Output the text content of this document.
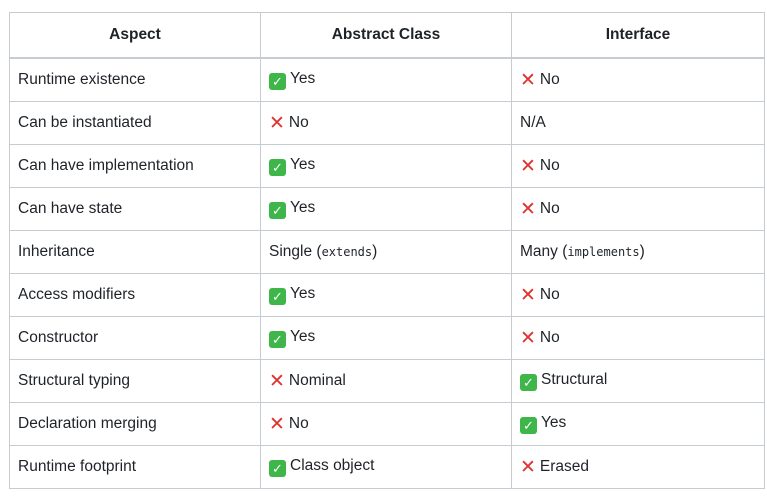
Aspect	Abstract Class	Interface
Runtime existence	✓ Yes	✕ No
Can be instantiated	✕ No	N/A
Can have implementation	✓ Yes	✕ No
Can have state	✓ Yes	✕ No
Inheritance	Single (extends)	Many (implements)
Access modifiers	✓ Yes	✕ No
Constructor	✓ Yes	✕ No
Structural typing	✕ Nominal	✓ Structural
Declaration merging	✕ No	✓ Yes
Runtime footprint	✓ Class object	✕ Erased
